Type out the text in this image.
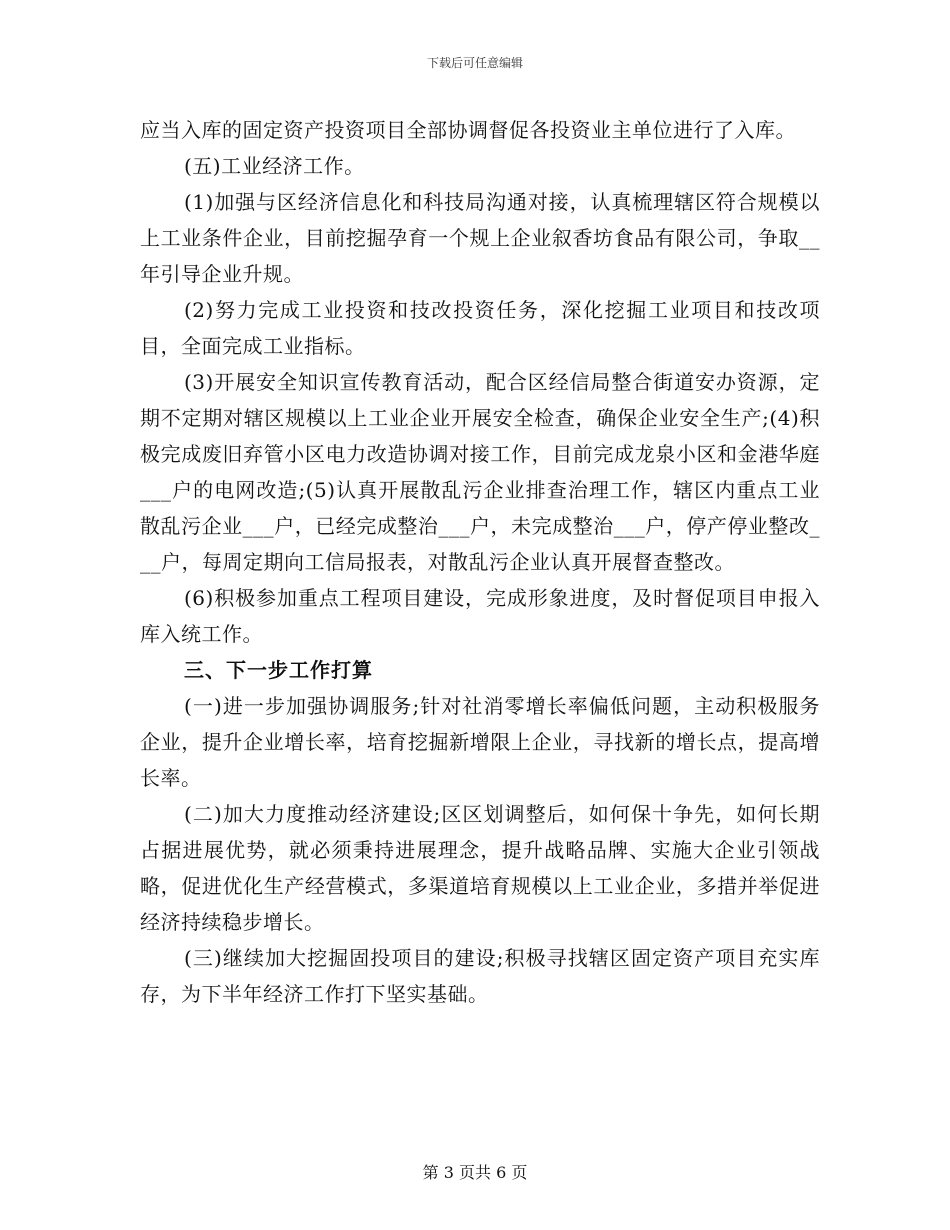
下载后可任意编辑

应当入库的固定资产投资项目全部协调督促各投资业主单位进行了入库。

(五)工业经济工作。

(1)加强与区经济信息化和科技局沟通对接，认真梳理辖区符合规模以上工业条件企业，目前挖掘孕育一个规上企业叙香坊食品有限公司，争取__年引导企业升规。

(2)努力完成工业投资和技改投资任务，深化挖掘工业项目和技改项目，全面完成工业指标。

(3)开展安全知识宣传教育活动，配合区经信局整合街道安办资源，定期不定期对辖区规模以上工业企业开展安全检查，确保企业安全生产;(4)积极完成废旧弃管小区电力改造协调对接工作，目前完成龙泉小区和金港华庭___户的电网改造;(5)认真开展散乱污企业排查治理工作，辖区内重点工业散乱污企业___户，已经完成整治___户，未完成整治___户，停产停业整改___户，每周定期向工信局报表，对散乱污企业认真开展督查整改。

(6)积极参加重点工程项目建设，完成形象进度，及时督促项目申报入库入统工作。

三、下一步工作打算

(一)进一步加强协调服务;针对社消零增长率偏低问题，主动积极服务企业，提升企业增长率，培育挖掘新增限上企业，寻找新的增长点，提高增长率。

(二)加大力度推动经济建设;区区划调整后，如何保十争先，如何长期占据进展优势，就必须秉持进展理念，提升战略品牌、实施大企业引领战略，促进优化生产经营模式，多渠道培育规模以上工业企业，多措并举促进经济持续稳步增长。

(三)继续加大挖掘固投项目的建设;积极寻找辖区固定资产项目充实库存，为下半年经济工作打下坚实基础。

第 3 页共 6 页
